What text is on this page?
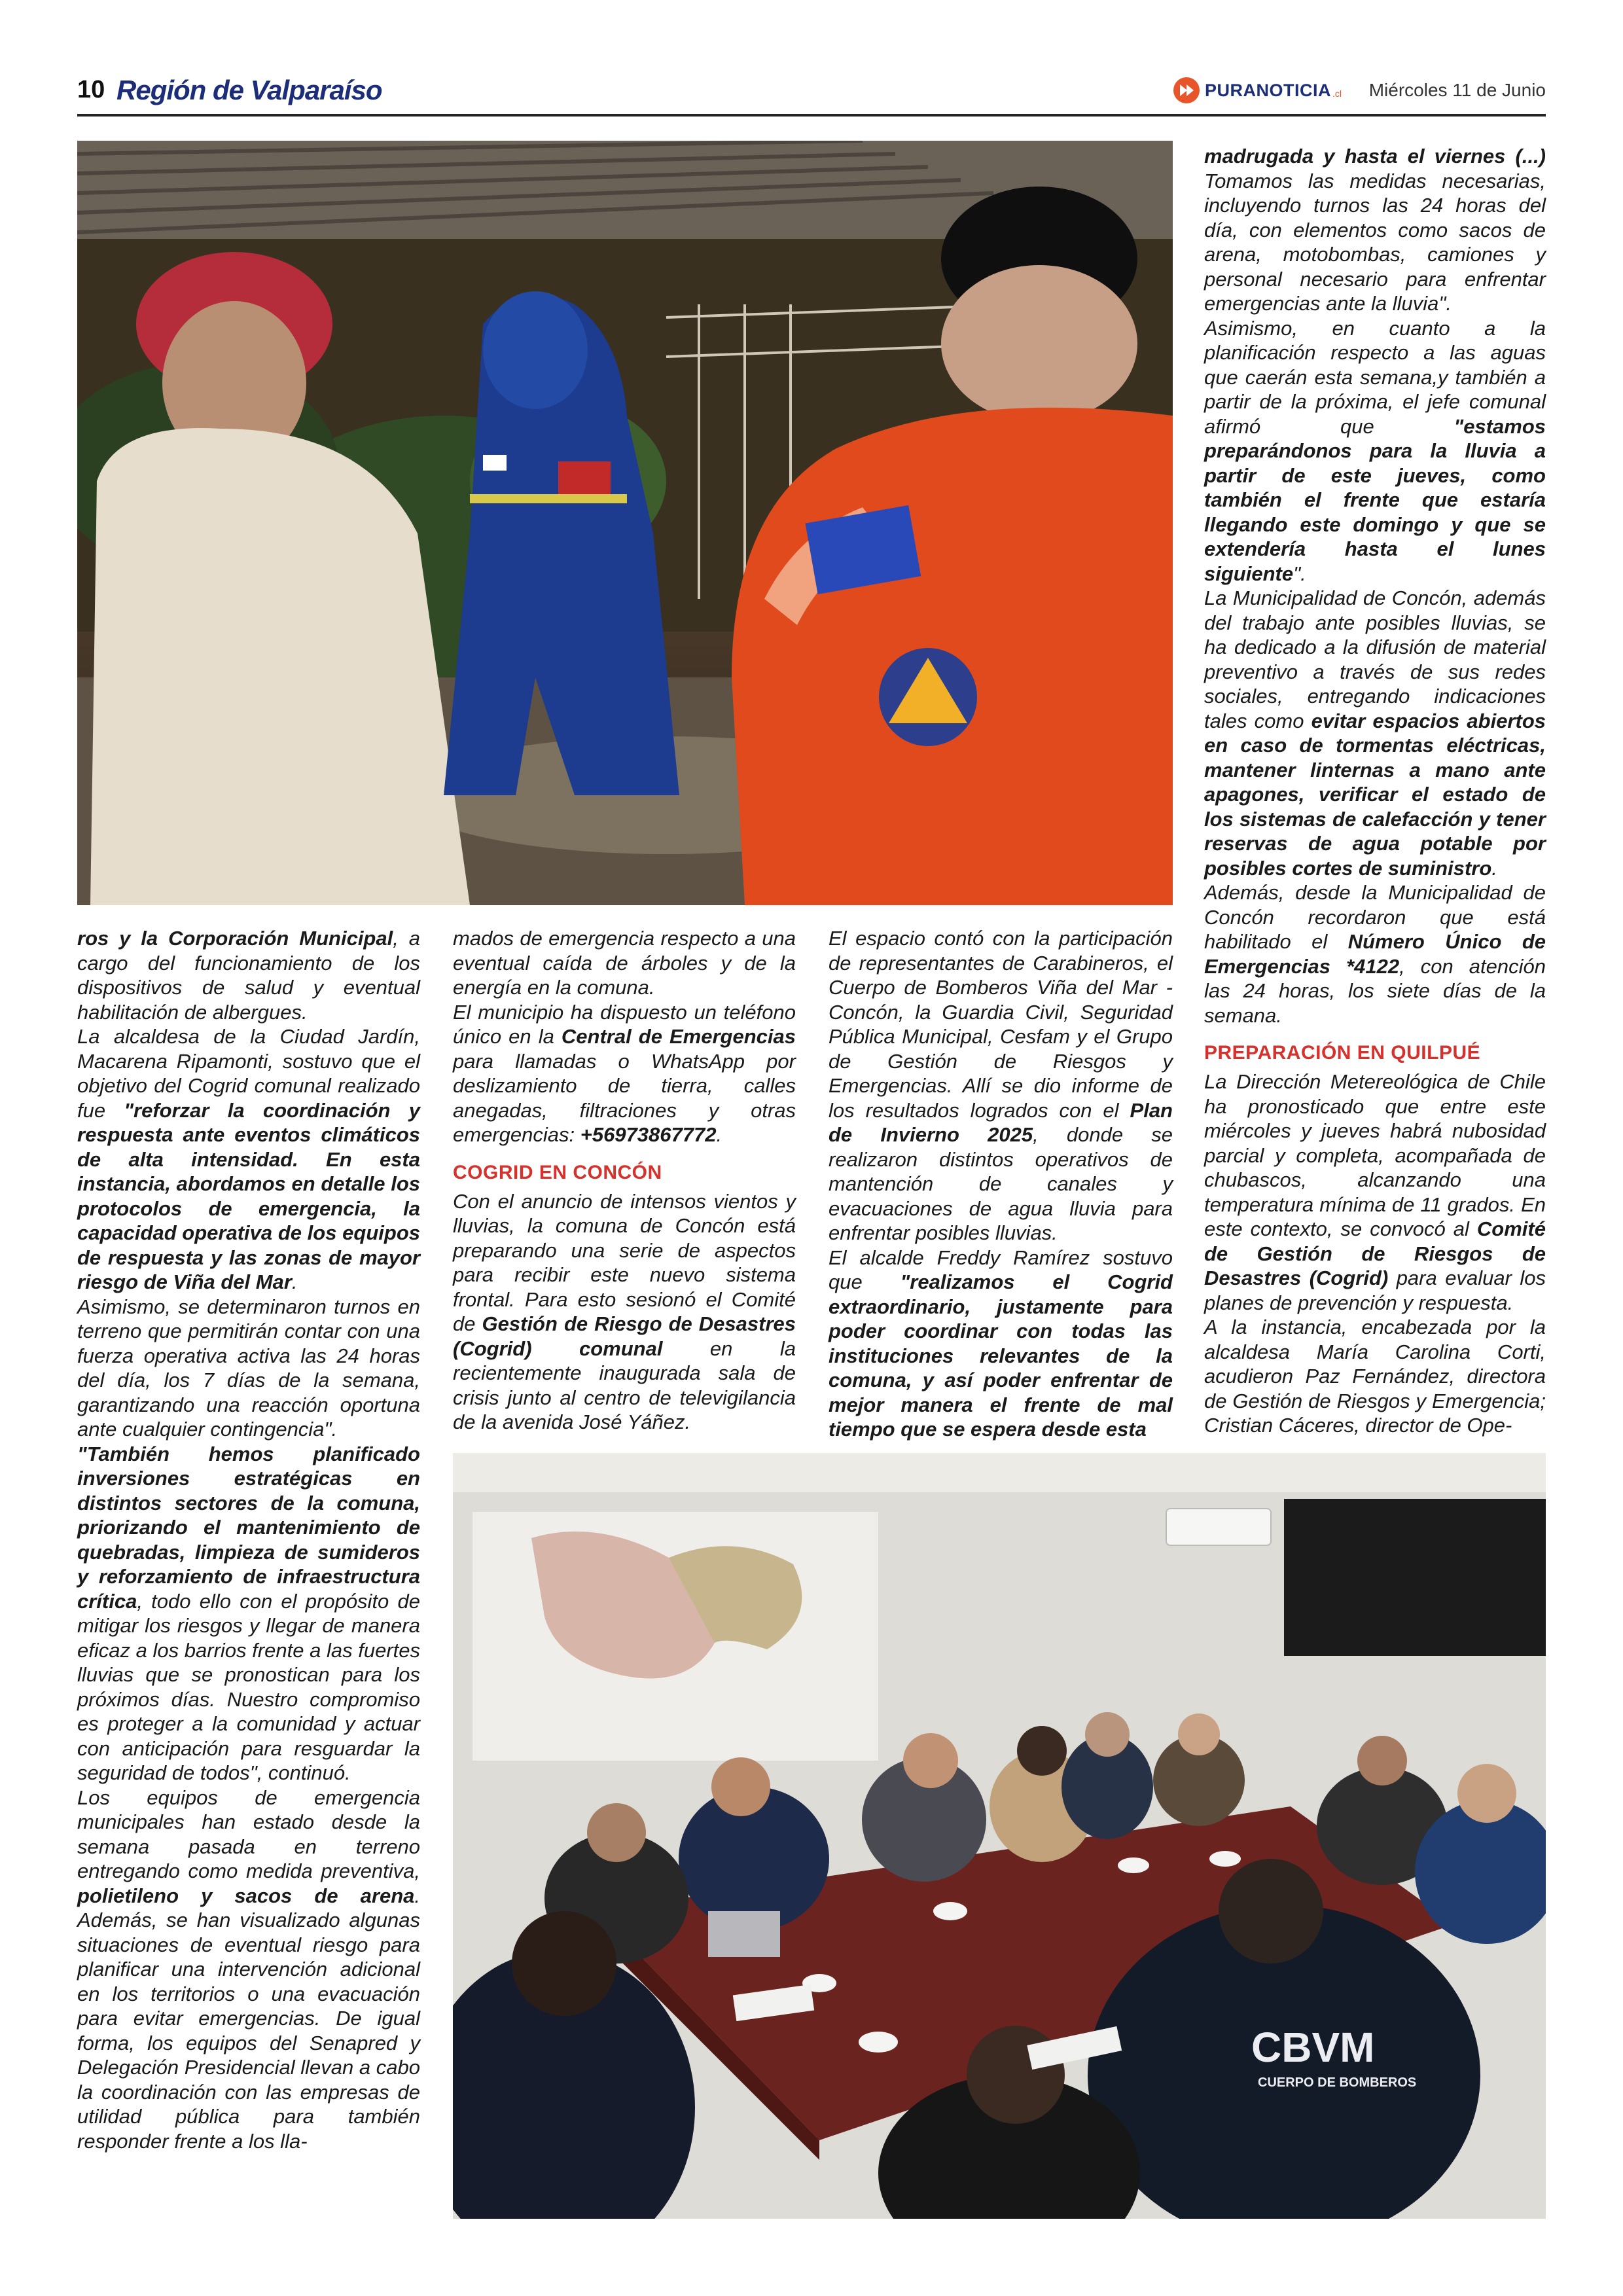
10 Región de Valparaíso	PURANOTICIA .cl Miércoles 11 de Junio

ros y la Corporación Municipal, a cargo del funcionamiento de los dispositivos de salud y eventual habilitación de albergues.

La alcaldesa de la Ciudad Jardín, Macarena Ripamonti, sostuvo que el objetivo del Cogrid comunal realizado fue "reforzar la coordinación y respuesta ante eventos climáticos de alta intensidad. En esta instancia, abordamos en detalle los protocolos de emergencia, la capacidad operativa de los equipos de respuesta y las zonas de mayor riesgo de Viña del Mar.

Asimismo, se determinaron turnos en terreno que permitirán contar con una fuerza operativa activa las 24 horas del día, los 7 días de la semana, garantizando una reacción oportuna ante cualquier contingencia".

"También hemos planificado inversiones estratégicas en distintos sectores de la comuna, priorizando el mantenimiento de quebradas, limpieza de sumideros y reforzamiento de infraestructura crítica, todo ello con el propósito de mitigar los riesgos y llegar de manera eficaz a los barrios frente a las fuertes lluvias que se pronostican para los próximos días. Nuestro compromiso es proteger a la comunidad y actuar con anticipación para resguardar la seguridad de todos", continuó.

Los equipos de emergencia municipales han estado desde la semana pasada en terreno entregando como medida preventiva, polietileno y sacos de arena. Además, se han visualizado algunas situaciones de eventual riesgo para planificar una intervención adicional en los territorios o una evacuación para evitar emergencias. De igual forma, los equipos del Senapred y Delegación Presidencial llevan a cabo la coordinación con las empresas de utilidad pública para también responder frente a los lla-

mados de emergencia respecto a una eventual caída de árboles y de la energía en la comuna.

El municipio ha dispuesto un teléfono único en la Central de Emergencias para llamadas o WhatsApp por deslizamiento de tierra, calles anegadas, filtraciones y otras emergencias: +56973867772.

COGRID EN CONCÓN

Con el anuncio de intensos vientos y lluvias, la comuna de Concón está preparando una serie de aspectos para recibir este nuevo sistema frontal. Para esto sesionó el Comité de Gestión de Riesgo de Desastres (Cogrid) comunal en la recientemente inaugurada sala de crisis junto al centro de televigilancia de la avenida José Yáñez.

El espacio contó con la participación de representantes de Carabineros, el Cuerpo de Bomberos Viña del Mar - Concón, la Guardia Civil, Seguridad Pública Municipal, Cesfam y el Grupo de Gestión de Riesgos y Emergencias. Allí se dio informe de los resultados logrados con el Plan de Invierno 2025, donde se realizaron distintos operativos de mantención de canales y evacuaciones de agua lluvia para enfrentar posibles lluvias.

El alcalde Freddy Ramírez sostuvo que "realizamos el Cogrid extraordinario, justamente para poder coordinar con todas las instituciones relevantes de la comuna, y así poder enfrentar de mejor manera el frente de mal tiempo que se espera desde esta

madrugada y hasta el viernes (...) Tomamos las medidas necesarias, incluyendo turnos las 24 horas del día, con elementos como sacos de arena, motobombas, camiones y personal necesario para enfrentar emergencias ante la lluvia".

Asimismo, en cuanto a la planificación respecto a las aguas que caerán esta semana,y también a partir de la próxima, el jefe comunal afirmó que "estamos preparándonos para la lluvia a partir de este jueves, como también el frente que estaría llegando este domingo y que se extendería hasta el lunes siguiente".

La Municipalidad de Concón, además del trabajo ante posibles lluvias, se ha dedicado a la difusión de material preventivo a través de sus redes sociales, entregando indicaciones tales como evitar espacios abiertos en caso de tormentas eléctricas, mantener linternas a mano ante apagones, verificar el estado de los sistemas de calefacción y tener reservas de agua potable por posibles cortes de suministro.

Además, desde la Municipalidad de Concón recordaron que está habilitado el Número Único de Emergencias *4122, con atención las 24 horas, los siete días de la semana.

PREPARACIÓN EN QUILPUÉ

La Dirección Metereológica de Chile ha pronosticado que entre este miércoles y jueves habrá nubosidad parcial y completa, acompañada de chubascos, alcanzando una temperatura mínima de 11 grados. En este contexto, se convocó al Comité de Gestión de Riesgos de Desastres (Cogrid) para evaluar los planes de prevención y respuesta.

A la instancia, encabezada por la alcaldesa María Carolina Corti, acudieron Paz Fernández, directora de Gestión de Riesgos y Emergencia; Cristian Cáceres, director de Ope-

CBVM
CUERPO DE BOMBEROS
